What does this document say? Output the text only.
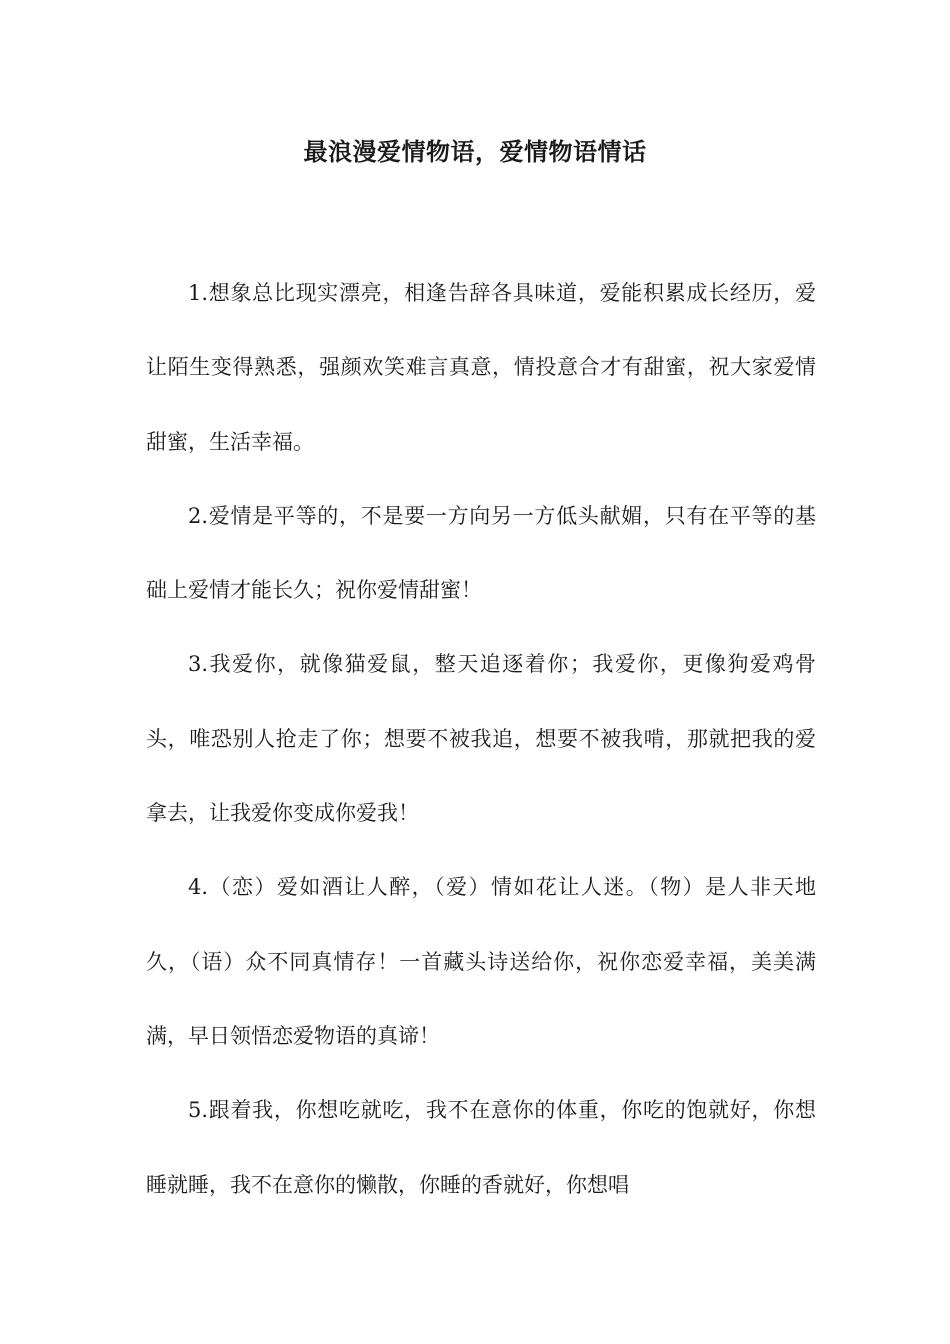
最浪漫爱情物语，爱情物语情话

1.想象总比现实漂亮，相逢告辞各具味道，爱能积累成长经历，爱让陌生变得熟悉，强颜欢笑难言真意，情投意合才有甜蜜，祝大家爱情甜蜜，生活幸福。

2.爱情是平等的，不是要一方向另一方低头献媚，只有在平等的基础上爱情才能长久；祝你爱情甜蜜！

3.我爱你，就像猫爱鼠，整天追逐着你；我爱你，更像狗爱鸡骨头，唯恐别人抢走了你；想要不被我追，想要不被我啃，那就把我的爱拿去，让我爱你变成你爱我！

4.（恋）爱如酒让人醉，（爱）情如花让人迷。（物）是人非天地久，（语）众不同真情存！一首藏头诗送给你，祝你恋爱幸福，美美满满，早日领悟恋爱物语的真谛！

5.跟着我，你想吃就吃，我不在意你的体重，你吃的饱就好，你想睡就睡，我不在意你的懒散，你睡的香就好，你想唱
